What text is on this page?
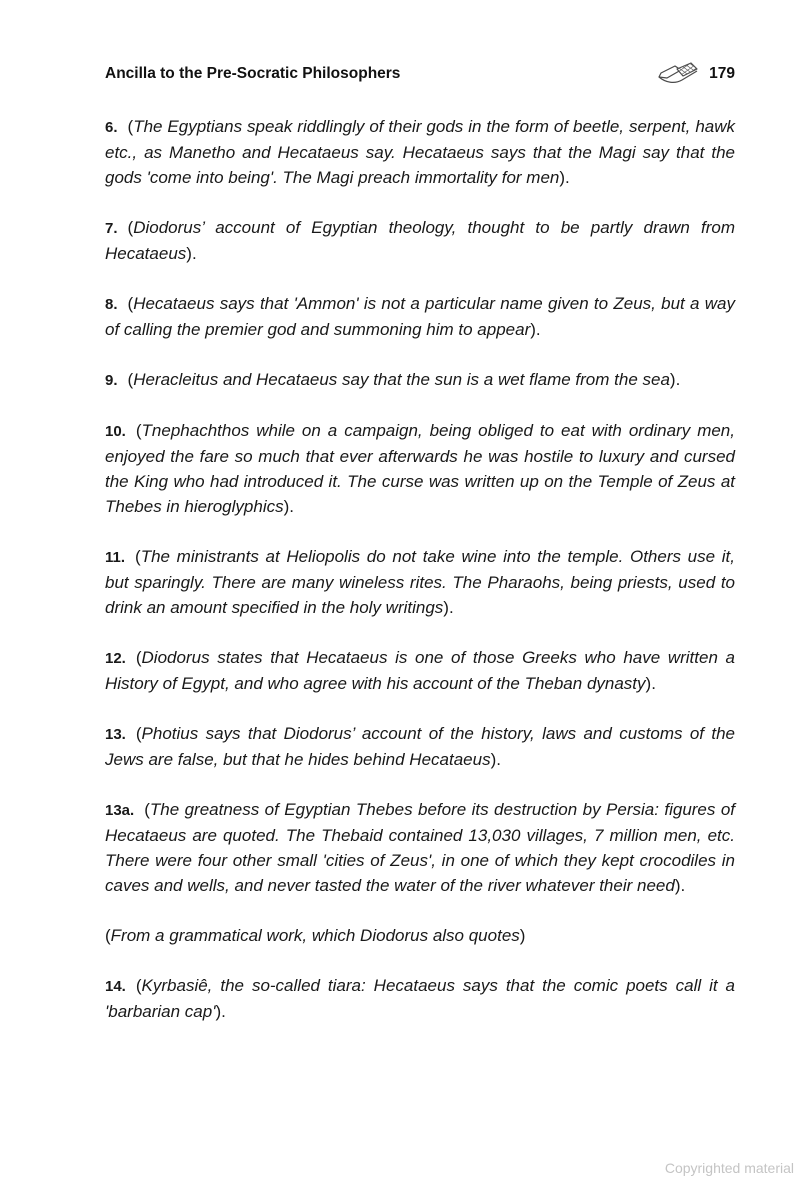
Ancilla to the Pre-Socratic Philosophers	179

6. (The Egyptians speak riddlingly of their gods in the form of beetle, serpent, hawk etc., as Manetho and Hecataeus say. Hecataeus says that the Magi say that the gods 'come into being'. The Magi preach immortality for men).

7. (Diodorus’ account of Egyptian theology, thought to be partly drawn from Hecataeus).

8. (Hecataeus says that 'Ammon' is not a particular name given to Zeus, but a way of calling the premier god and summoning him to appear).

9. (Heracleitus and Hecataeus say that the sun is a wet flame from the sea).

10. (Tnephachthos while on a campaign, being obliged to eat with ordinary men, enjoyed the fare so much that ever afterwards he was hostile to luxury and cursed the King who had introduced it. The curse was written up on the Temple of Zeus at Thebes in hieroglyphics).

11. (The ministrants at Heliopolis do not take wine into the temple. Others use it, but sparingly. There are many wineless rites. The Pharaohs, being priests, used to drink an amount specified in the holy writings).

12. (Diodorus states that Hecataeus is one of those Greeks who have written a History of Egypt, and who agree with his account of the Theban dynasty).

13. (Photius says that Diodorus’ account of the history, laws and customs of the Jews are false, but that he hides behind Hecataeus).

13a. (The greatness of Egyptian Thebes before its destruction by Persia: figures of Hecataeus are quoted. The Thebaid contained 13,030 villages, 7 million men, etc. There were four other small 'cities of Zeus', in one of which they kept crocodiles in caves and wells, and never tasted the water of the river whatever their need).

(From a grammatical work, which Diodorus also quotes)

14. (Kyrbasiê, the so-called tiara: Hecataeus says that the comic poets call it a 'barbarian cap').

Copyrighted material
